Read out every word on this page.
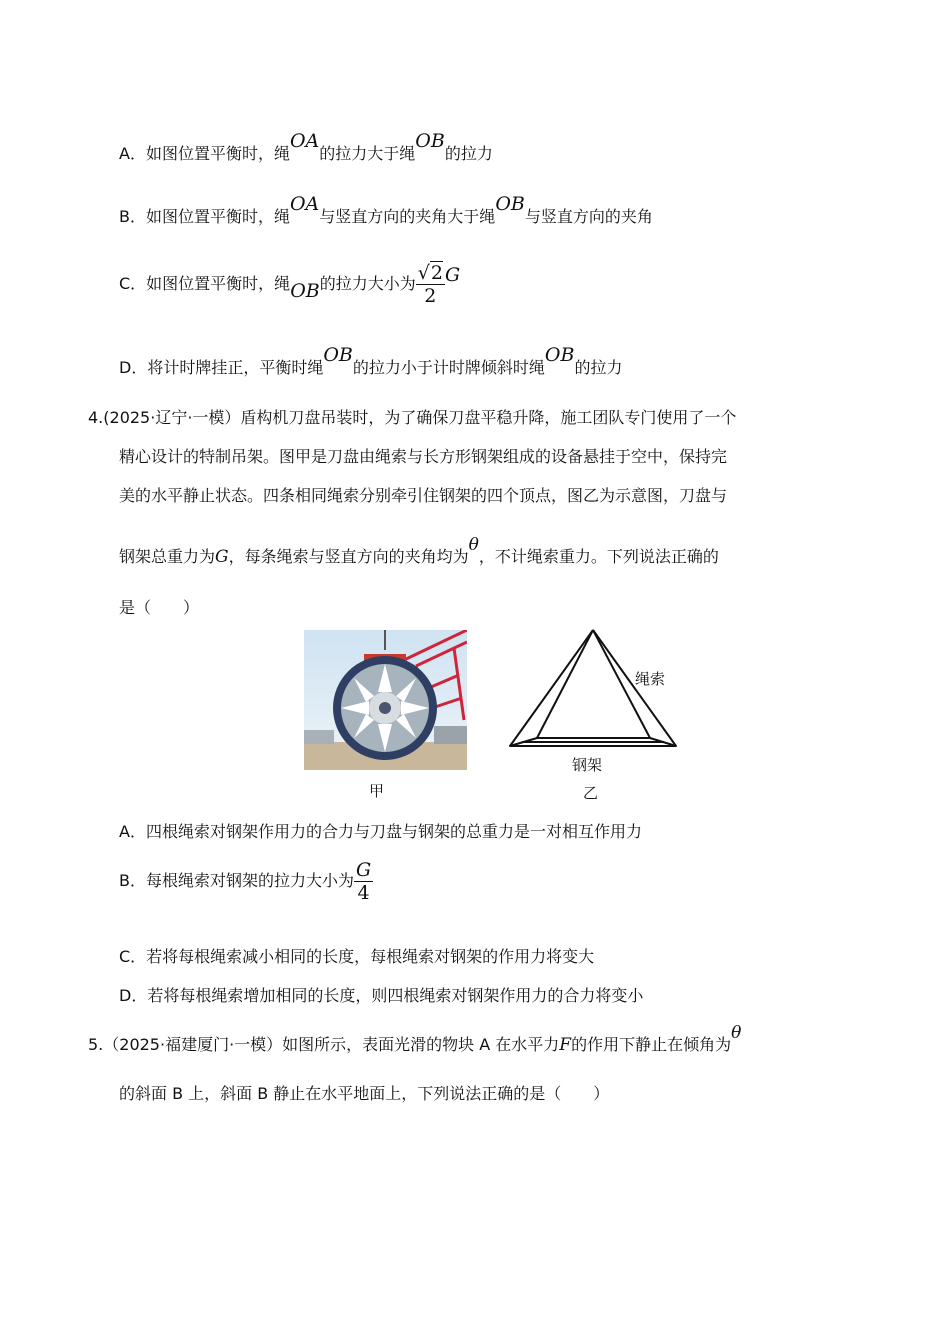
A．如图位置平衡时，绳OA的拉力大于绳OB的拉力
B．如图位置平衡时，绳OA与竖直方向的夹角大于绳OB与竖直方向的夹角
C．如图位置平衡时，绳OB的拉力大小为 $\frac{√2}{2}$ G
D．将计时牌挂正，平衡时绳OB的拉力小于计时牌倾斜时绳OB的拉力
4.(2025·辽宁·一模）盾构机刀盘吊装时，为了确保刀盘平稳升降，施工团队专门使用了一个
精心设计的特制吊架。图甲是刀盘由绳索与长方形钢架组成的设备悬挂于空中，保持完
美的水平静止状态。四条相同绳索分别牵引住钢架的四个顶点，图乙为示意图，刀盘与
钢架总重力为G，每条绳索与竖直方向的夹角均为θ，不计绳索重力。下列说法正确的
是（　　）
绳索
钢架
甲	乙
A．四根绳索对钢架作用力的合力与刀盘与钢架的总重力是一对相互作用力
B．每根绳索对钢架的拉力大小为 $\frac{G}{4}$
C．若将每根绳索减小相同的长度，每根绳索对钢架的作用力将变大
D．若将每根绳索增加相同的长度，则四根绳索对钢架作用力的合力将变小
5.（2025·福建厦门·一模）如图所示，表面光滑的物块 A 在水平力F的作用下静止在倾角为θ
的斜面 B 上，斜面 B 静止在水平地面上，下列说法正确的是（　　）
